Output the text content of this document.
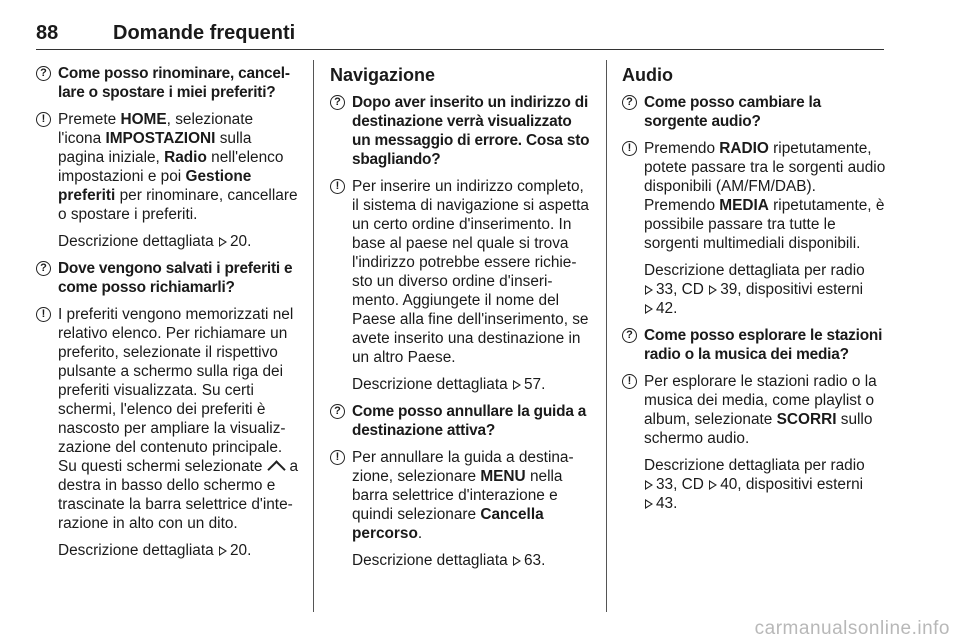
88	Domande frequenti
? Come posso rinominare, cancel-lare o spostare i miei preferiti?
! Premete HOME, selezionate l'icona IMPOSTAZIONI sulla pagina iniziale, Radio nell'elenco impostazioni e poi Gestione preferiti per rinominare, cancellare o spostare i preferiti.
Descrizione dettagliata 20.
? Dove vengono salvati i preferiti e come posso richiamarli?
! I preferiti vengono memorizzati nel relativo elenco. Per richiamare un preferito, selezionate il rispettivo pulsante a schermo sulla riga dei preferiti visualizzata. Su certi schermi, l'elenco dei preferiti è nascosto per ampliare la visualiz-zazione del contenuto principale. Su questi schermi selezionate a destra in basso dello schermo e trascinate la barra selettrice d'inte-razione in alto con un dito.
Descrizione dettagliata 20.
Navigazione
? Dopo aver inserito un indirizzo di destinazione verrà visualizzato un messaggio di errore. Cosa sto sbagliando?
! Per inserire un indirizzo completo, il sistema di navigazione si aspetta un certo ordine d'inserimento. In base al paese nel quale si trova l'indirizzo potrebbe essere richie-sto un diverso ordine d'inseri-mento. Aggiungete il nome del Paese alla fine dell'inserimento, se avete inserito una destinazione in un altro Paese.
Descrizione dettagliata 57.
? Come posso annullare la guida a destinazione attiva?
! Per annullare la guida a destina-zione, selezionare MENU nella barra selettrice d'interazione e quindi selezionare Cancella percorso.
Descrizione dettagliata 63.
Audio
? Come posso cambiare la sorgente audio?
! Premendo RADIO ripetutamente, potete passare tra le sorgenti audio disponibili (AM/FM/DAB). Premendo MEDIA ripetutamente, è possibile passare tra tutte le sorgenti multimediali disponibili.
Descrizione dettagliata per radio
33, CD 39, dispositivi esterni
42.
? Come posso esplorare le stazioni radio o la musica dei media?
! Per esplorare le stazioni radio o la musica dei media, come playlist o album, selezionate SCORRI sullo schermo audio.
Descrizione dettagliata per radio
33, CD 40, dispositivi esterni
43.
carmanualsonline.info
